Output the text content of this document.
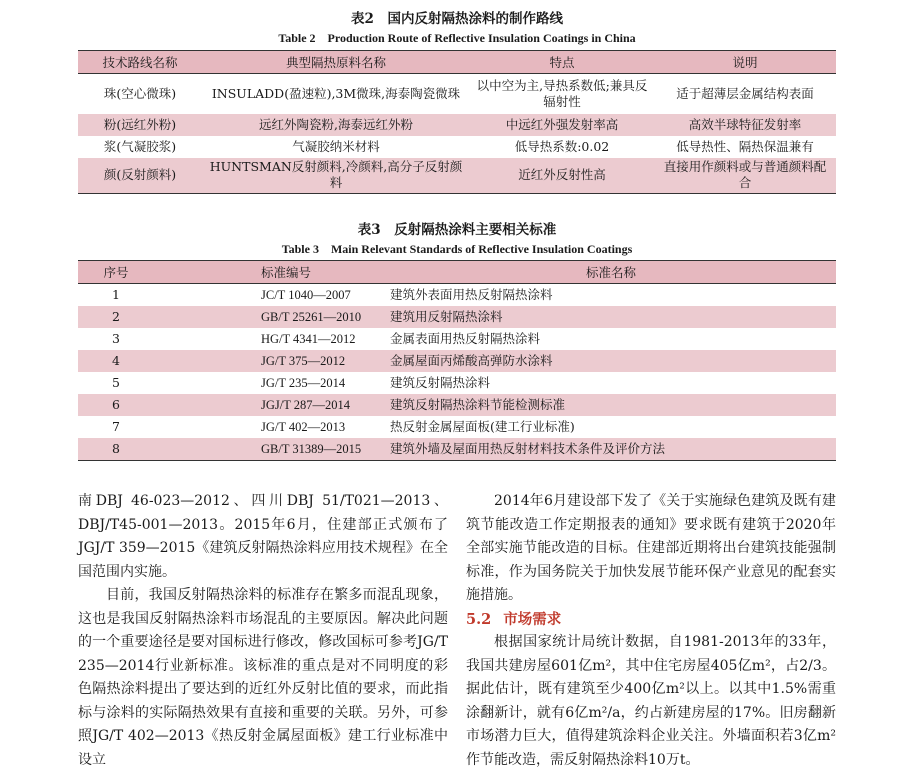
表2　国内反射隔热涂料的制作路线
Table 2　Production Route of Reflective Insulation Coatings in China
技术路线名称	典型隔热原料名称	特点	说明
珠(空心微珠)	INSULADD(盈速粒),3M微珠,海泰陶瓷微珠	以中空为主,导热系数低;兼具反辐射性	适于超薄层金属结构表面
粉(远红外粉)	远红外陶瓷粉,海泰远红外粉	中远红外强发射率高	高效半球特征发射率
浆(气凝胶浆)	气凝胶纳米材料	低导热系数:0.02	低导热性、隔热保温兼有
颜(反射颜料)	HUNTSMAN反射颜料,冷颜料,高分子反射颜料	近红外反射性高	直接用作颜料或与普通颜料配合
表3　反射隔热涂料主要相关标准
Table 3　Main Relevant Standards of Reflective Insulation Coatings
序号	标准编号	标准名称
1	JC/T 1040—2007	建筑外表面用热反射隔热涂料
2	GB/T 25261—2010	建筑用反射隔热涂料
3	HG/T 4341—2012	金属表面用热反射隔热涂料
4	JG/T 375—2012	金属屋面丙烯酸高弹防水涂料
5	JG/T 235—2014	建筑反射隔热涂料
6	JGJ/T 287—2014	建筑反射隔热涂料节能检测标准
7	JG/T 402—2013	热反射金属屋面板(建工行业标准)
8	GB/T 31389—2015	建筑外墙及屋面用热反射材料技术条件及评价方法

南DBJ 46-023—2012、四川DBJ 51/T021—2013、DBJ/T45-001—2013。2015年6月，住建部正式颁布了JGJ/T 359—2015《建筑反射隔热涂料应用技术规程》在全国范围内实施。

目前，我国反射隔热涂料的标准存在繁多而混乱现象，这也是我国反射隔热涂料市场混乱的主要原因。解决此问题的一个重要途径是要对国标进行修改，修改国标可参考JG/T 235—2014行业新标准。该标准的重点是对不同明度的彩色隔热涂料提出了要达到的近红外反射比值的要求，而此指标与涂料的实际隔热效果有直接和重要的关联。另外，可参照JG/T 402—2013《热反射金属屋面板》建工行业标准中设立

2014年6月建设部下发了《关于实施绿色建筑及既有建筑节能改造工作定期报表的通知》要求既有建筑于2020年全部实施节能改造的目标。住建部近期将出台建筑技能强制标准，作为国务院关于加快发展节能环保产业意见的配套实施措施。

5.2 市场需求

根据国家统计局统计数据，自1981-2013年的33年，我国共建房屋601亿m²，其中住宅房屋405亿m²，占2/3。据此估计，既有建筑至少400亿m²以上。以其中1.5%需重涂翻新计，就有6亿m²/a，约占新建房屋的17%。旧房翻新市场潜力巨大，值得建筑涂料企业关注。外墙面积若3亿m²作节能改造，需反射隔热涂料10万t。
